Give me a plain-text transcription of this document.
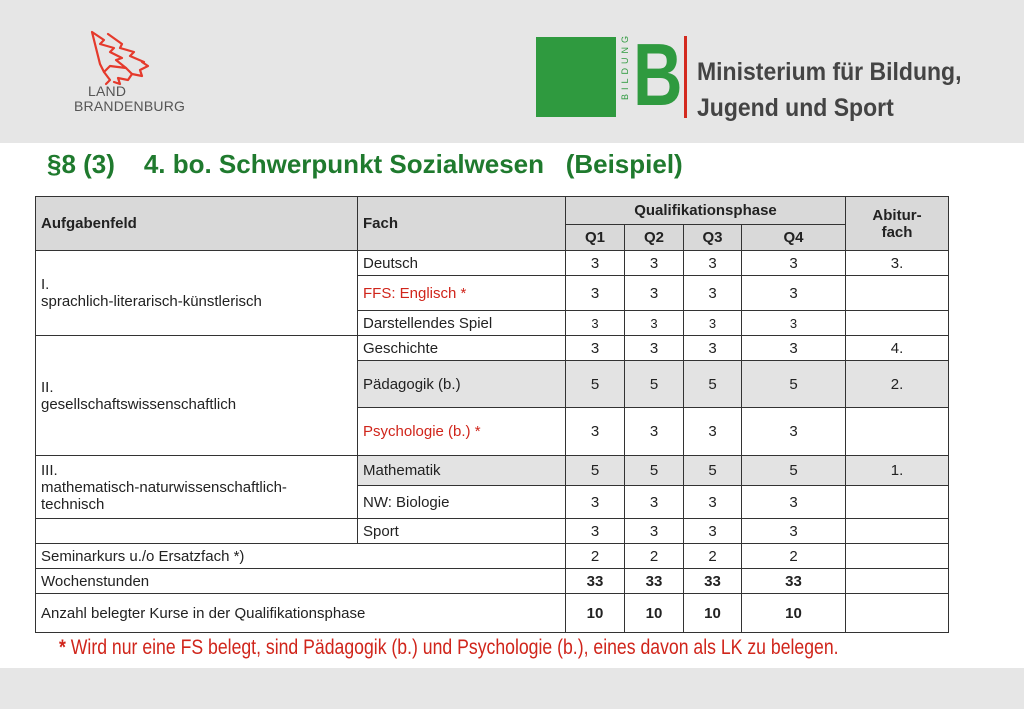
LAND
BRANDENBURG
BILDUNG B Ministerium für Bildung,
Jugend und Sport
§8 (3)    4. bo. Schwerpunkt Sozialwesen   (Beispiel)
Aufgabenfeld	Fach	Qualifikationsphase				Abitur-
fach

		Q1	Q2	Q3	Q4	

I.
sprachlich-literarisch-künstlerisch	Deutsch	3	3	3	3	3.
	FFS: Englisch *	3	3	3	3	
	Darstellendes Spiel	3	3	3	3	

II.
gesellschaftswissenschaftlich	Geschichte	3	3	3	3	4.
	Pädagogik (b.)	5	5	5	5	2.
	Psychologie (b.) *	3	3	3	3	

III.
mathematisch-naturwissenschaftlich-
technisch	Mathematik	5	5	5	5	1.
	NW: Biologie	3	3	3	3	
	Sport	3	3	3	3	
Seminarkurs u./o Ersatzfach *)		2	2	2	2	
Wochenstunden		33	33	33	33	
Anzahl belegter Kurse in der Qualifikationsphase		10	10	10	10	
* Wird nur eine FS belegt, sind Pädagogik (b.) und Psychologie (b.), eines davon als LK zu belegen.
